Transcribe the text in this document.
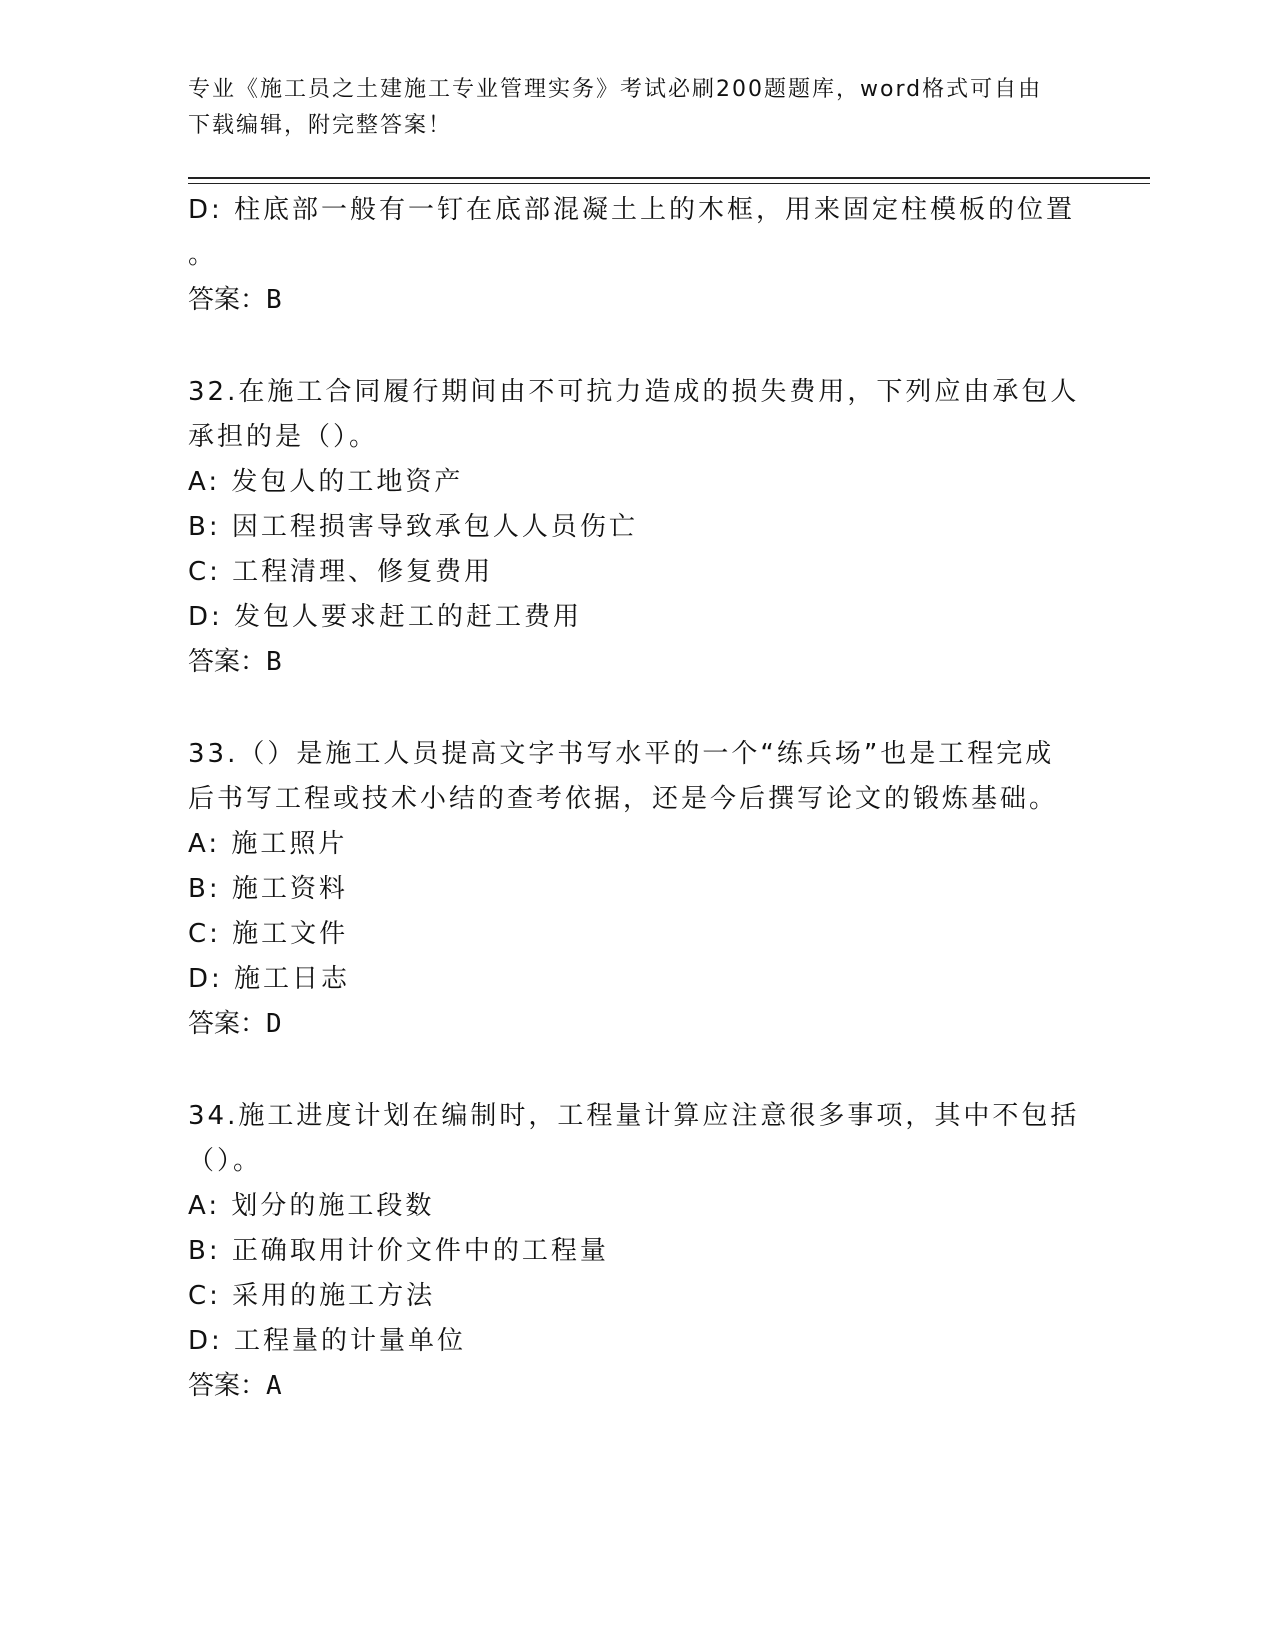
专业《施工员之土建施工专业管理实务》考试必刷200题题库，word格式可自由
下载编辑，附完整答案！
D: 柱底部一般有一钉在底部混凝土上的木框，用来固定柱模板的位置
。
答案：B
32.在施工合同履行期间由不可抗力造成的损失费用，下列应由承包人
承担的是（）。
A: 发包人的工地资产
B: 因工程损害导致承包人人员伤亡
C: 工程清理、修复费用
D: 发包人要求赶工的赶工费用
答案：B
33.（）是施工人员提高文字书写水平的一个“练兵场”也是工程完成
后书写工程或技术小结的查考依据，还是今后撰写论文的锻炼基础。
A: 施工照片
B: 施工资料
C: 施工文件
D: 施工日志
答案：D
34.施工进度计划在编制时，工程量计算应注意很多事项，其中不包括
（）。
A: 划分的施工段数
B: 正确取用计价文件中的工程量
C: 采用的施工方法
D: 工程量的计量单位
答案：A
